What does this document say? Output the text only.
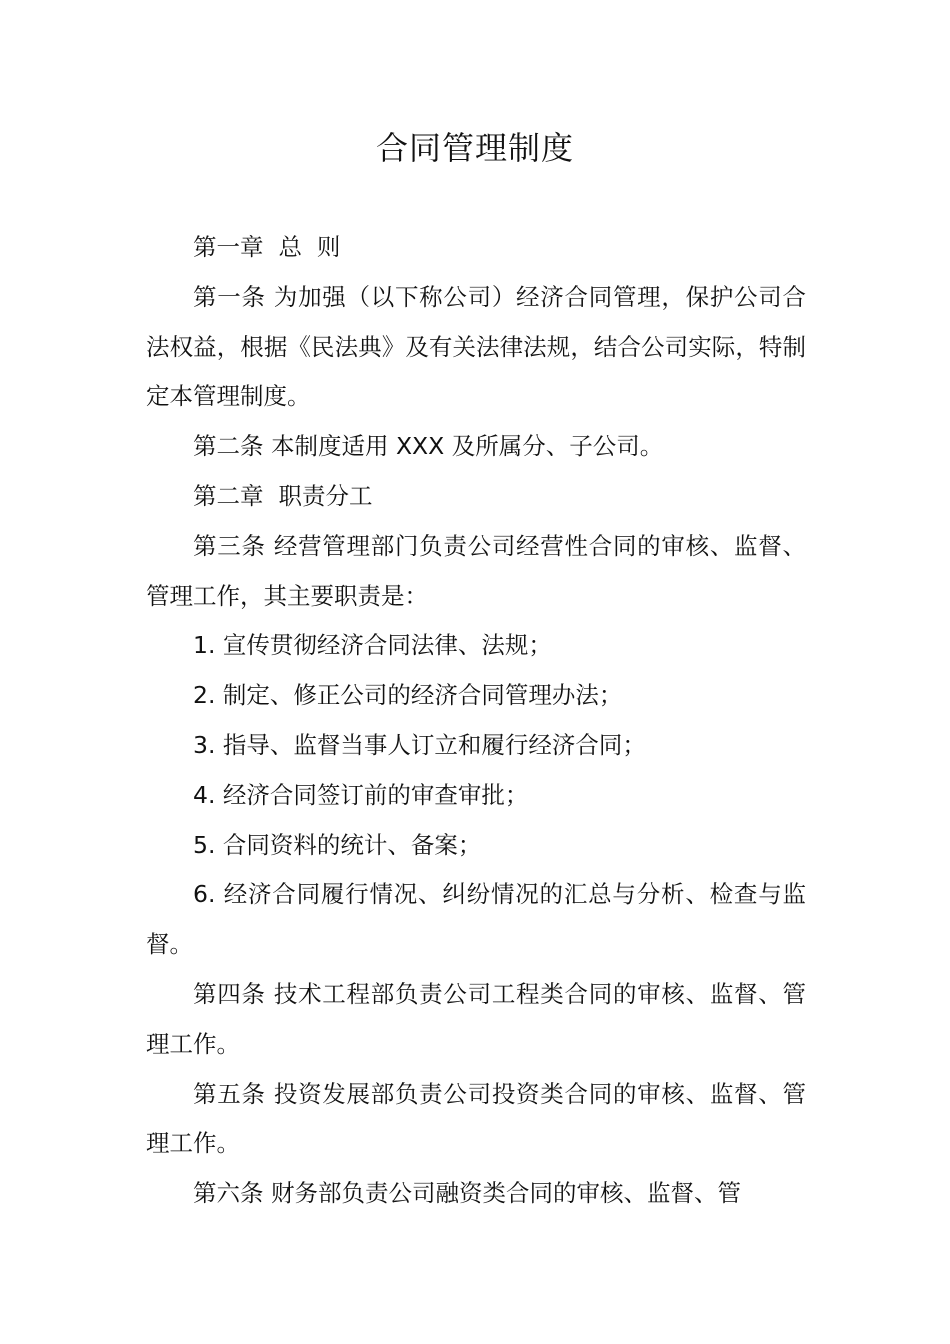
合同管理制度

第一章  总  则

第一条 为加强（以下称公司）经济合同管理，保护公司合法权益，根据《民法典》及有关法律法规，结合公司实际，特制定本管理制度。

第二条 本制度适用 XXX 及所属分、子公司。

第二章  职责分工

第三条 经营管理部门负责公司经营性合同的审核、监督、管理工作，其主要职责是：

1. 宣传贯彻经济合同法律、法规；

2. 制定、修正公司的经济合同管理办法；

3. 指导、监督当事人订立和履行经济合同；

4. 经济合同签订前的审查审批；

5. 合同资料的统计、备案；

6. 经济合同履行情况、纠纷情况的汇总与分析、检查与监督。

第四条 技术工程部负责公司工程类合同的审核、监督、管理工作。

第五条 投资发展部负责公司投资类合同的审核、监督、管理工作。

第六条 财务部负责公司融资类合同的审核、监督、管
